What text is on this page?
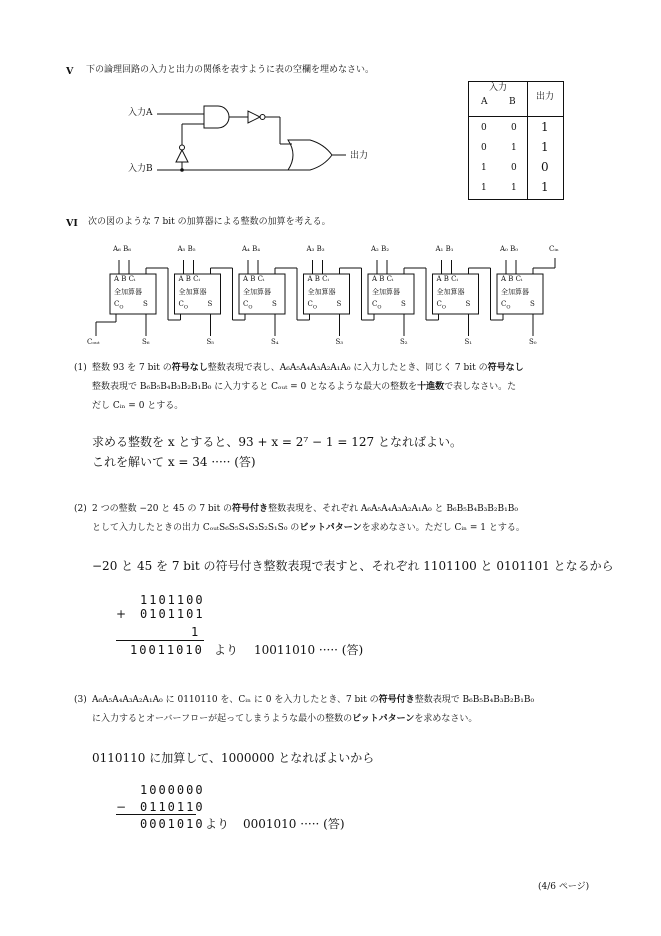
V 下の論理回路の入力と出力の関係を表すように表の空欄を埋めなさい。
入力A
入力B
出力
入力
A B	出力
0	0 1
0	1 1
1	0 0
1	1 1
VI 次の図のような 7 bit の加算器による整数の加算を考える。
A₆ B₆
A B Cᵢ
全加算器
$C_O$	S
S₆
A₅ B₅
A B Cᵢ
全加算器
$C_O$	S
S₅
A₄ B₄
A B Cᵢ
全加算器
$C_O$	S
S₄
A₃ B₃
A B Cᵢ
全加算器
$C_O$	S
S₃
A₂ B₂
A B Cᵢ
全加算器
$C_O$	S
S₂
A₁ B₁
A B Cᵢ
全加算器
$C_O$	S
S₁
A₀ B₀
A B Cᵢ
全加算器
$C_O$	S
S₀
Cₒᵤₜ
Cᵢₙ
(1) 整数 93 を 7 bit の符号なし整数表現で表し、A₆A₅A₄A₃A₂A₁A₀ に入力したとき、同じく 7 bit の符号なし
整数表現で B₆B₅B₄B₃B₂B₁B₀ に入力すると Cₒᵤₜ = 0 となるような最大の整数を十進数で表しなさい。た
だし Cᵢₙ = 0 とする。
求める整数を x とすると、93 + x = 2⁷ − 1 = 127 となればよい。
これを解いて x = 34 ····· (答)
(2) 2 つの整数 −20 と 45 の 7 bit の符号付き整数表現を、それぞれ A₆A₅A₄A₃A₂A₁A₀ と B₆B₅B₄B₃B₂B₁B₀
として入力したときの出力 CₒᵤₜS₆S₅S₄S₃S₂S₁S₀ のビットパターンを求めなさい。ただし Cᵢₙ = 1 とする。
−20 と 45 を 7 bit の符号付き整数表現で表すと、それぞれ 1101100 と 0101101 となるから
1101100
+ 0101101
1
10011010 より 10011010 ····· (答)
(3) A₆A₅A₄A₃A₂A₁A₀ に 0110110 を、Cᵢₙ に 0 を入力したとき、7 bit の符号付き整数表現で B₆B₅B₄B₃B₂B₁B₀
に入力するとオーバーフローが起ってしまうような最小の整数のビットパターンを求めなさい。
0110110 に加算して、1000000 となればよいから
1000000
− 0110110
0001010 より 0001010 ····· (答)
(4/6 ページ)
